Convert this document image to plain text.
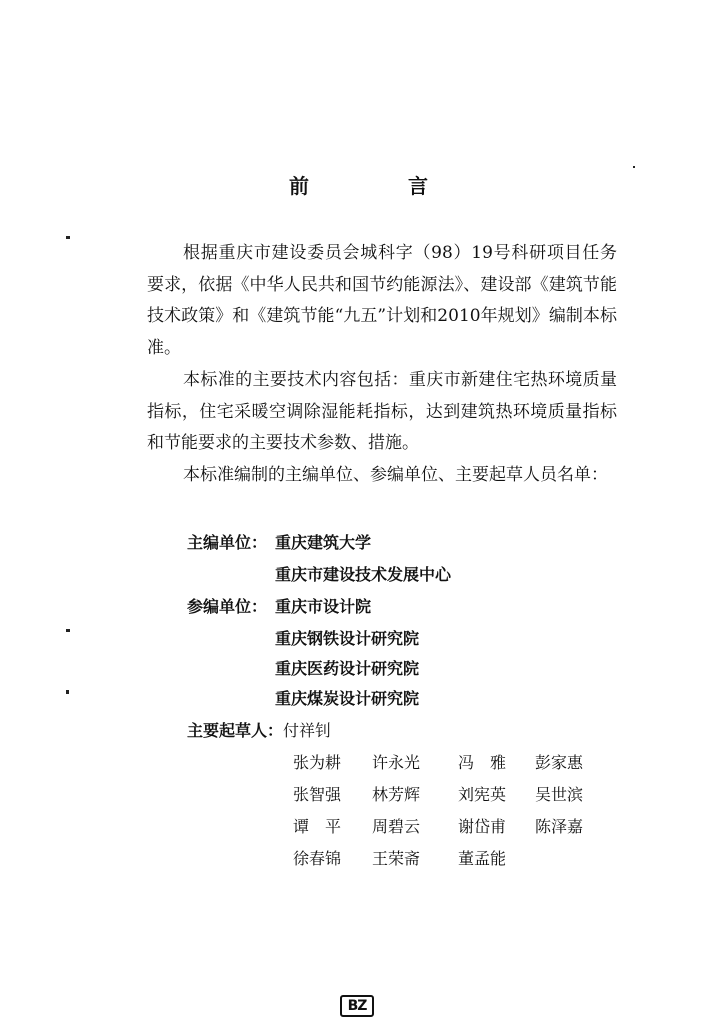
前 言
根据重庆市建设委员会城科字（98）19号科研项目任务要求，依据《中华人民共和国节约能源法》、建设部《建筑节能技术政策》和《建筑节能“九五”计划和2010年规划》编制本标准。
本标准的主要技术内容包括：重庆市新建住宅热环境质量指标，住宅采暖空调除湿能耗指标，达到建筑热环境质量指标和节能要求的主要技术参数、措施。
本标准编制的主编单位、参编单位、主要起草人员名单：
主编单位： 重庆建筑大学
重庆市建设技术发展中心
参编单位： 重庆市设计院
重庆钢铁设计研究院
重庆医药设计研究院
重庆煤炭设计研究院
主要起草人： 付祥钊
张为耕 许永光 冯　雅 彭家惠
张智强 林芳辉 刘宪英 吴世滨
谭　平 周碧云 谢岱甫 陈泽嘉
徐春锦 王荣斋 董孟能
BZ
